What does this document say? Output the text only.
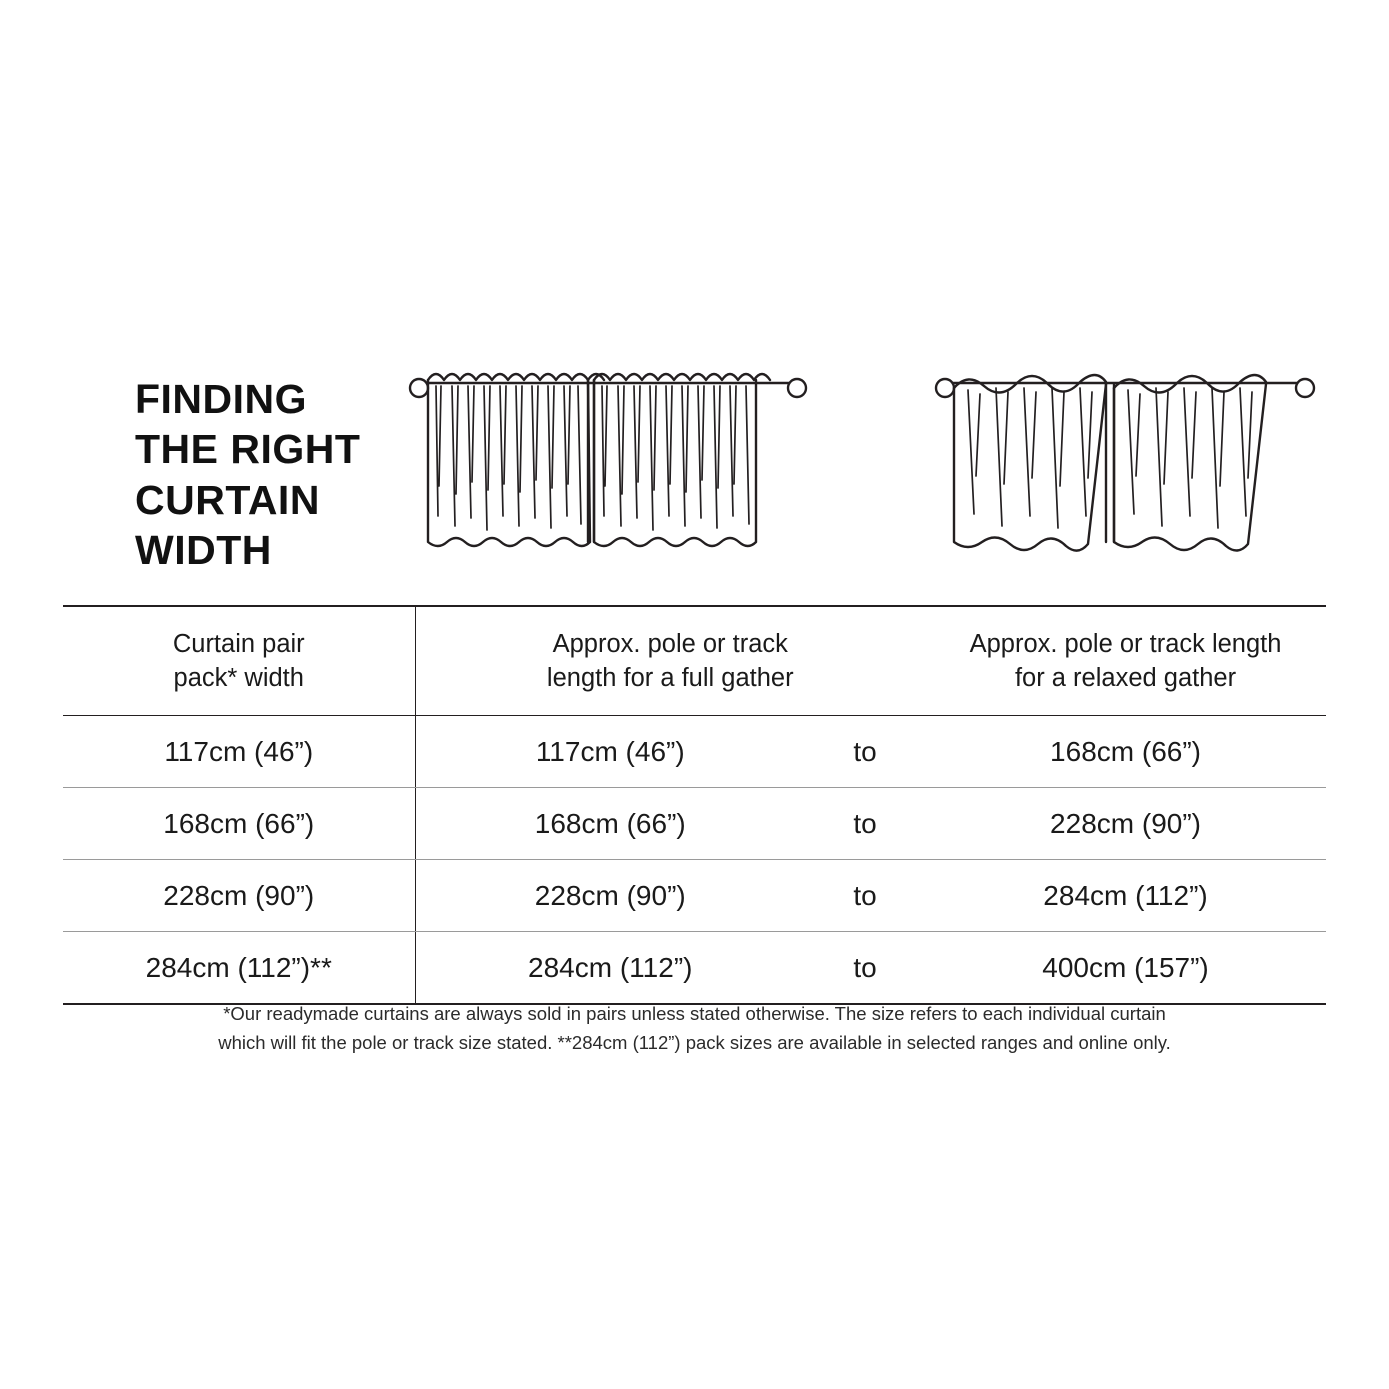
FINDING
THE RIGHT
CURTAIN
WIDTH
Curtain pair
pack* width	Approx. pole or track
length for a full gather		Approx. pole or track length
for a relaxed gather

117cm (46”)	117cm (46”)	to	168cm (66”)
168cm (66”)	168cm (66”)	to	228cm (90”)
228cm (90”)	228cm (90”)	to	284cm (112”)
284cm (112”)**	284cm (112”)	to	400cm (157”)
*Our readymade curtains are always sold in pairs unless stated otherwise. The size refers to each individual curtain
which will fit the pole or track size stated. **284cm (112”) pack sizes are available in selected ranges and online only.
